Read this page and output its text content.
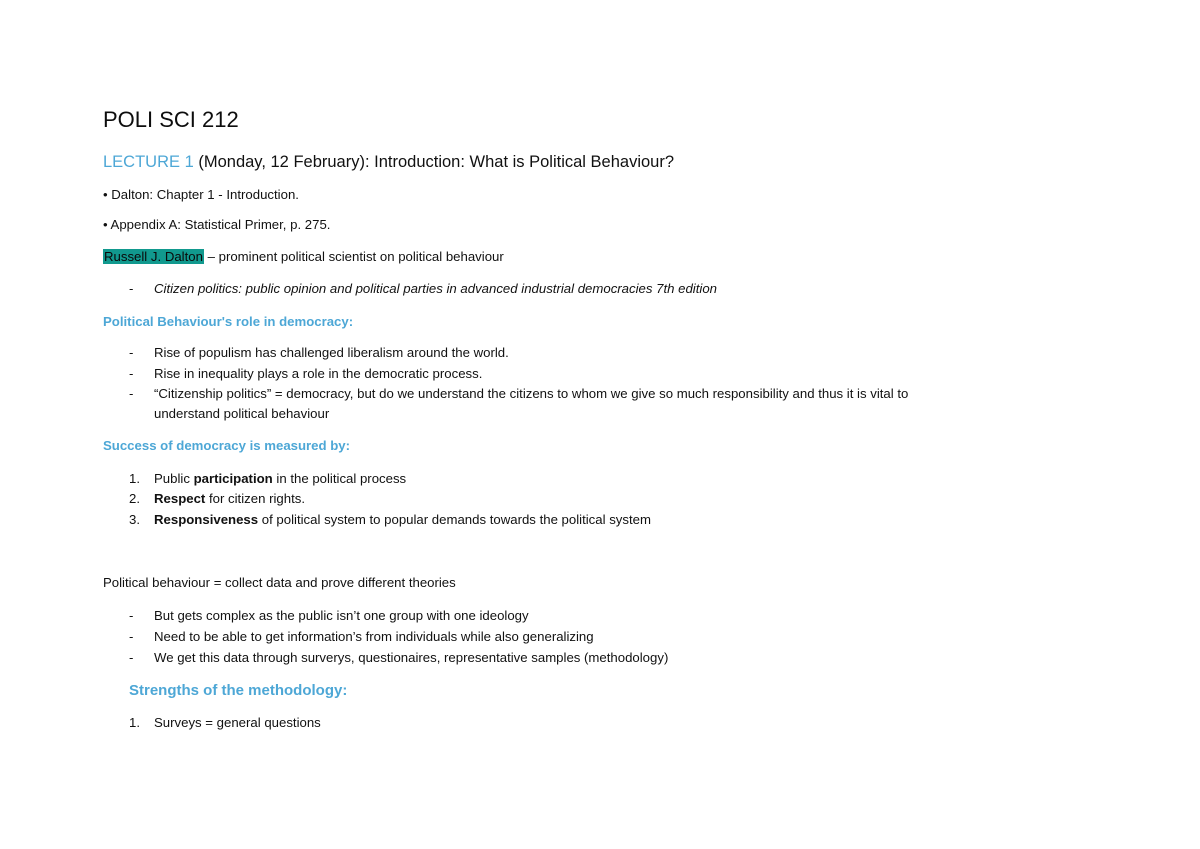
POLI SCI 212
LECTURE 1 (Monday, 12 February): Introduction: What is Political Behaviour?
• Dalton: Chapter 1 - Introduction.
• Appendix A: Statistical Primer, p. 275.
Russell J. Dalton – prominent political scientist on political behaviour
- Citizen politics: public opinion and political parties in advanced industrial democracies 7th edition
Political Behaviour's role in democracy:
- Rise of populism has challenged liberalism around the world.
- Rise in inequality plays a role in the democratic process.
- “Citizenship politics” = democracy, but do we understand the citizens to whom we give so much responsibility and thus it is vital to
understand political behaviour
Success of democracy is measured by:
1. Public participation in the political process
2. Respect for citizen rights.
3. Responsiveness of political system to popular demands towards the political system
Political behaviour = collect data and prove different theories
- But gets complex as the public isn’t one group with one ideology
- Need to be able to get information’s from individuals while also generalizing
- We get this data through surverys, questionaires, representative samples (methodology)
Strengths of the methodology:
1. Surveys = general questions
